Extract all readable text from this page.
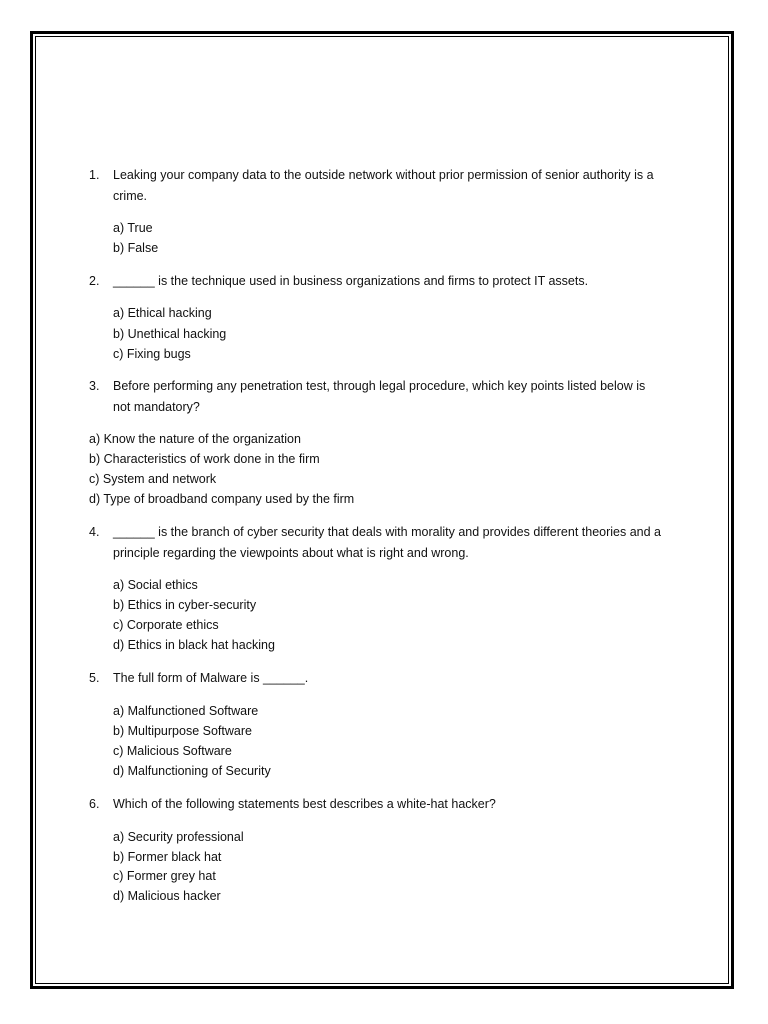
1. Leaking your company data to the outside network without prior permission of senior authority is a
crime.
a) True
b) False
2. ______ is the technique used in business organizations and firms to protect IT assets.
a) Ethical hacking
b) Unethical hacking
c) Fixing bugs
3. Before performing any penetration test, through legal procedure, which key points listed below is
not mandatory?
a) Know the nature of the organization
b) Characteristics of work done in the firm
c) System and network
d) Type of broadband company used by the firm
4. ______ is the branch of cyber security that deals with morality and provides different theories and a
principle regarding the viewpoints about what is right and wrong.
a) Social ethics
b) Ethics in cyber-security
c) Corporate ethics
d) Ethics in black hat hacking
5. The full form of Malware is ______.
a) Malfunctioned Software
b) Multipurpose Software
c) Malicious Software
d) Malfunctioning of Security
6. Which of the following statements best describes a white-hat hacker?
a) Security professional
b) Former black hat
c) Former grey hat
d) Malicious hacker
